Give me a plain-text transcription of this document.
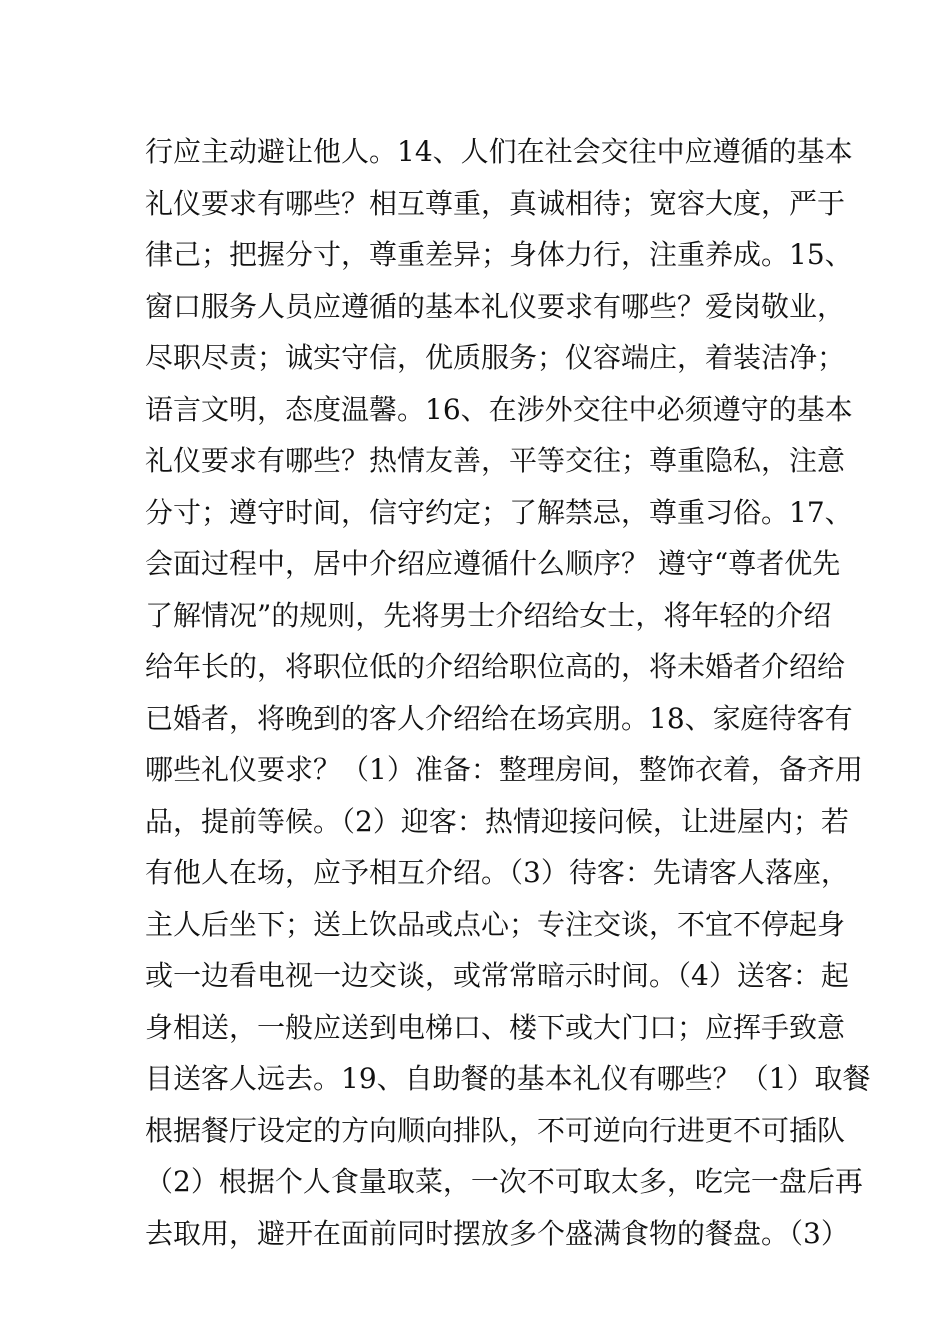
行应主动避让他人。14、人们在社会交往中应遵循的基本
礼仪要求有哪些？相互尊重，真诚相待；宽容大度，严于
律己；把握分寸，尊重差异；身体力行，注重养成。15、
窗口服务人员应遵循的基本礼仪要求有哪些？爱岗敬业，
尽职尽责；诚实守信，优质服务；仪容端庄，着装洁净；
语言文明，态度温馨。16、在涉外交往中必须遵守的基本
礼仪要求有哪些？热情友善，平等交往；尊重隐私，注意
分寸；遵守时间，信守约定；了解禁忌，尊重习俗。17、
会面过程中，居中介绍应遵循什么顺序？ 遵守“尊者优先
了解情况”的规则，先将男士介绍给女士，将年轻的介绍
给年长的，将职位低的介绍给职位高的，将未婚者介绍给
已婚者，将晚到的客人介绍给在场宾朋。18、家庭待客有
哪些礼仪要求？（1）准备：整理房间，整饰衣着，备齐用
品，提前等候。（2）迎客：热情迎接问候，让进屋内；若
有他人在场，应予相互介绍。（3）待客：先请客人落座，
主人后坐下；送上饮品或点心；专注交谈，不宜不停起身
或一边看电视一边交谈，或常常暗示时间。（4）送客：起
身相送，一般应送到电梯口、楼下或大门口；应挥手致意
目送客人远去。19、自助餐的基本礼仪有哪些？（1）取餐
根据餐厅设定的方向顺向排队，不可逆向行进更不可插队
（2）根据个人食量取菜，一次不可取太多，吃完一盘后再
去取用，避开在面前同时摆放多个盛满食物的餐盘。（3）
